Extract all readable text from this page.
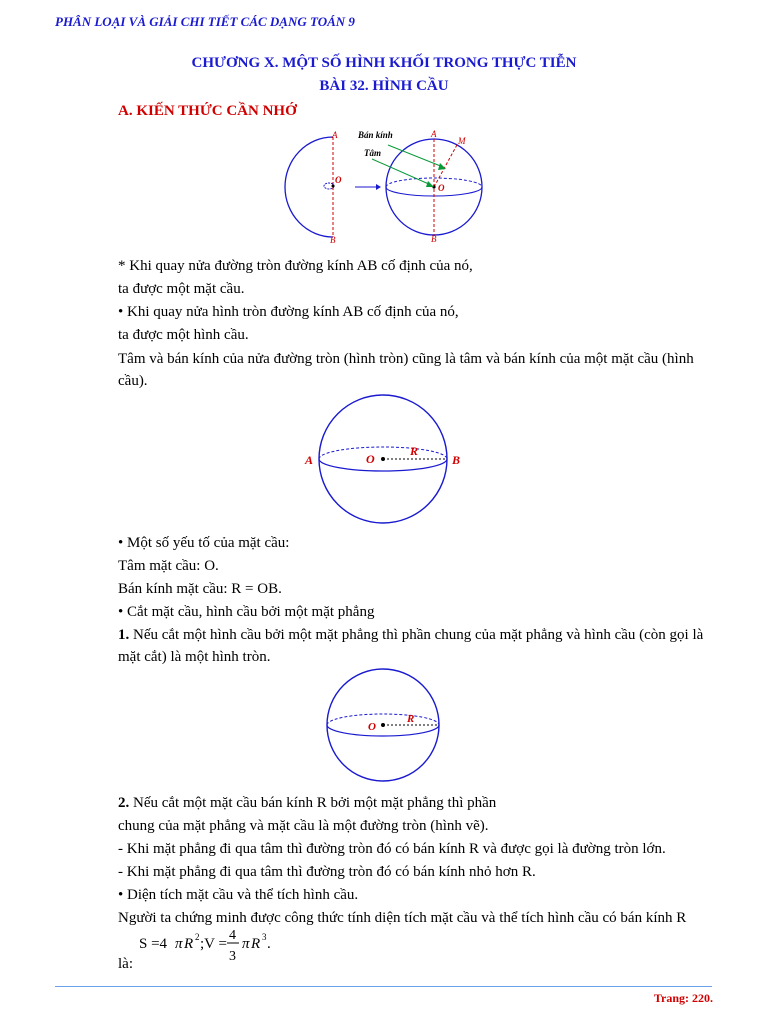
PHÂN LOẠI VÀ GIẢI CHI TIẾT CÁC DẠNG TOÁN 9
CHƯƠNG X. MỘT SỐ HÌNH KHỐI TRONG THỰC TIỄN
BÀI 32. HÌNH CẦU
A. KIẾN THỨC CẦN NHỚ
A
O
B
Bán kính
Tâm
A
M
O
B
* Khi quay nửa đường tròn đường kính AB cố định của nó,
ta được một mặt cầu.
• Khi quay nửa hình tròn đường kính AB cố định của nó,
ta được một hình cầu.
Tâm và bán kính của nửa đường tròn (hình tròn) cũng là tâm và bán kính của một mặt cầu (hình cầu).
A	B
O
R
• Một số yếu tố của mặt cầu:
Tâm mặt cầu: O.
Bán kính mặt cầu: R = OB.
• Cắt mặt cầu, hình cầu bởi một mặt phẳng
1. Nếu cắt một hình cầu bởi một mặt phẳng thì phần chung của mặt phẳng và hình cầu (còn gọi là mặt cắt) là một hình tròn.
O
R
2. Nếu cắt một mặt cầu bán kính R bởi một mặt phẳng thì phần
chung của mặt phẳng và mặt cầu là một đường tròn (hình vẽ).
- Khi mặt phẳng đi qua tâm thì đường tròn đó có bán kính R và được gọi là đường tròn lớn.
- Khi mặt phẳng đi qua tâm thì đường tròn đó có bán kính nhỏ hơn R.
• Diện tích mặt cầu và thể tích hình cầu.
Người ta chứng minh được công thức tính diện tích mặt cầu và thể tích hình cầu có bán kính R
S =4 π R 2 ;V =
4
3
π R 3 .
là:
Trang: 220.
